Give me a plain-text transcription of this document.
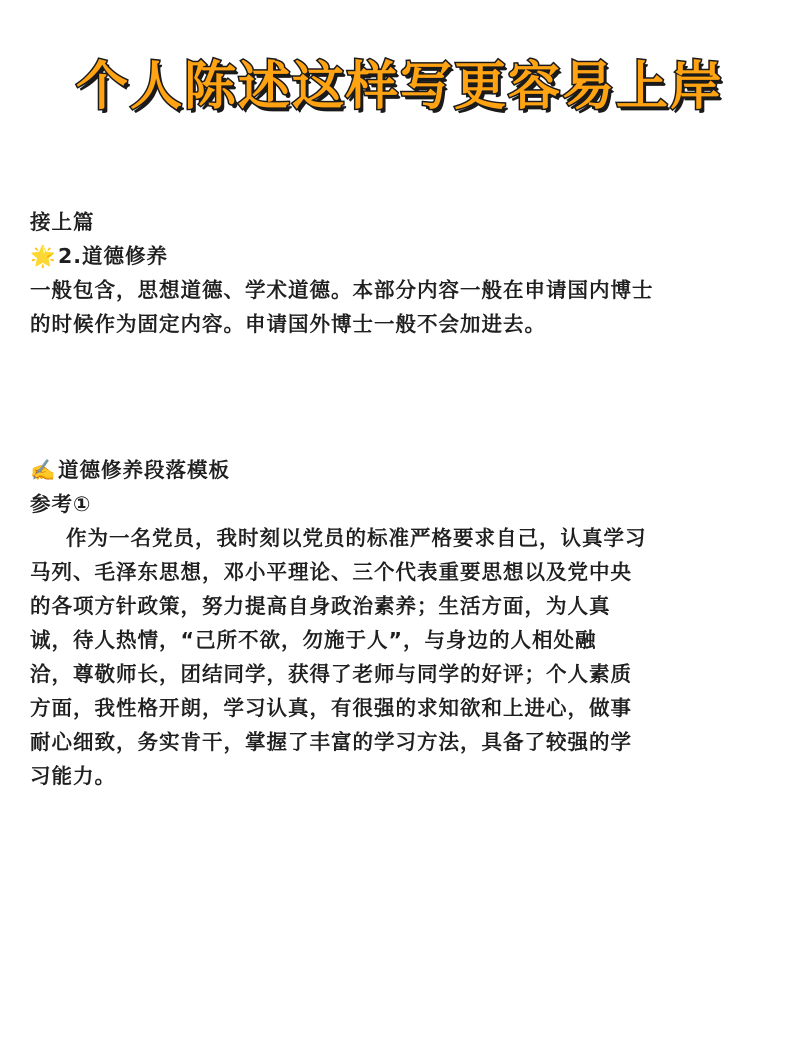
个人陈述这样写更容易上岸
接上篇
🌟2.道德修养
一般包含，思想道德、学术道德。本部分内容一般在申请国内博士
的时候作为固定内容。申请国外博士一般不会加进去。
✍️道德修养段落模板
参考①
作为一名党员，我时刻以党员的标准严格要求自己，认真学习
马列、毛泽东思想，邓小平理论、三个代表重要思想以及党中央
的各项方针政策，努力提高自身政治素养；生活方面，为人真
诚，待人热情，“己所不欲，勿施于人”，与身边的人相处融
洽，尊敬师长，团结同学，获得了老师与同学的好评；个人素质
方面，我性格开朗，学习认真，有很强的求知欲和上进心，做事
耐心细致，务实肯干，掌握了丰富的学习方法，具备了较强的学
习能力。
